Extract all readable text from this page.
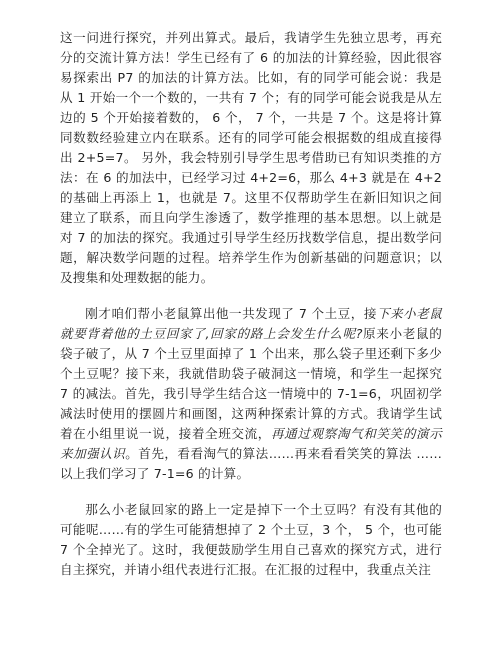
这一问进行探究，并列出算式。最后，我请学生先独立思考，再充分的交流计算方法！学生已经有了 6 的加法的计算经验，因此很容易探索出 P7 的加法的计算方法。比如，有的同学可能会说：我是从 1 开始一个一个数的，一共有 7 个；有的同学可能会说我是从左边的 5 个开始接着数的， 6 个， 7 个，一共是 7 个。这是将计算同数数经验建立内在联系。还有的同学可能会根据数的组成直接得出 2+5=7。 另外，我会特别引导学生思考借助已有知识类推的方法：在 6 的加法中，已经学习过 4+2=6，那么 4+3 就是在 4+2 的基础上再添上 1，也就是 7。这里不仅帮助学生在新旧知识之间建立了联系，而且向学生渗透了，数学推理的基本思想。以上就是对 7 的加法的探究。我通过引导学生经历找数学信息，提出数学问题，解决数学问题的过程。培养学生作为创新基础的问题意识；以及搜集和处理数据的能力。

刚才咱们帮小老鼠算出他一共发现了 7 个土豆，接下来小老鼠就要背着他的土豆回家了,回家的路上会发生什么呢?原来小老鼠的袋子破了，从 7 个土豆里面掉了 1 个出来，那么袋子里还剩下多少个土豆呢？接下来，我就借助袋子破洞这一情境，和学生一起探究 7 的减法。首先，我引导学生结合这一情境中的 7-1=6，巩固初学减法时使用的摆圆片和画图，这两种探索计算的方式。我请学生试着在小组里说一说，接着全班交流，再通过观察淘气和笑笑的演示来加强认识。首先，看看淘气的算法……再来看看笑笑的算法 …… 以上我们学习了 7-1=6 的计算。

那么小老鼠回家的路上一定是掉下一个土豆吗？有没有其他的可能呢……有的学生可能猜想掉了 2 个土豆，3 个， 5 个，也可能 7 个全掉光了。这时，我便鼓励学生用自己喜欢的探究方式，进行自主探究，并请小组代表进行汇报。在汇报的过程中，我重点关注
